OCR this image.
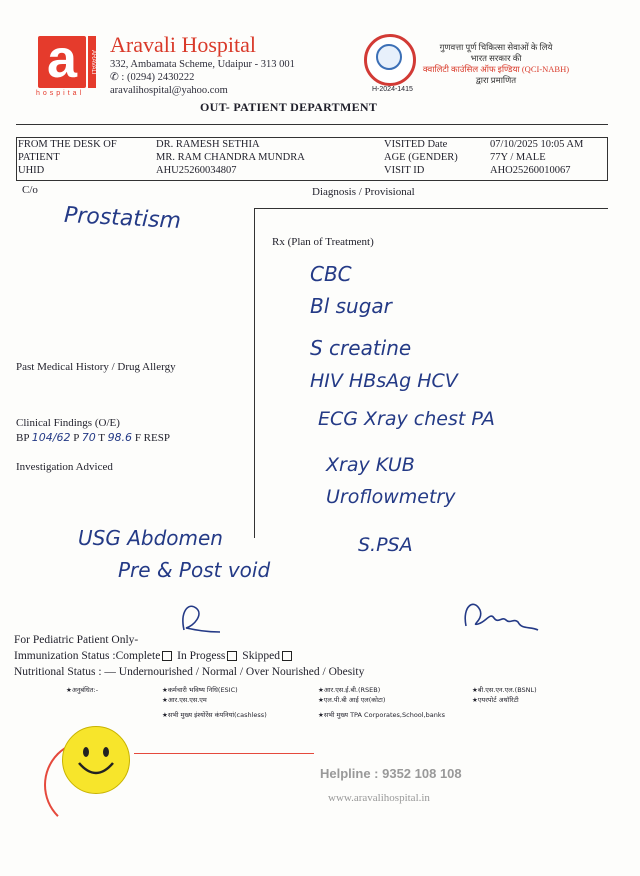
a	ARAVALI
hospital
Aravali Hospital
332, Ambamata Scheme, Udaipur - 313 001
✆ : (0294) 2430222
aravalihospital@yahoo.com
OUT- PATIENT DEPARTMENT
H-2024-1415
गुणवत्ता पूर्ण चिकित्सा सेवाओं के लिये
भारत सरकार की
क्वालिटी काउंसिल ऑफ इण्डिया (QCI-NABH)
द्वारा प्रमाणित
FROM THE DESK OF	DR. RAMESH SETHIA	VISITED Date	07/10/2025 10:05 AM
PATIENT	MR. RAM CHANDRA MUNDRA	AGE (GENDER)	77Y / MALE
UHID	AHU25260034807	VISIT ID	AHO25260010067
C/o
Prostatism
Past Medical History / Drug Allergy
Clinical Findings (O/E)
BP 104/62 P 70 T 98.6 F RESP
Investigation Adviced
USG Abdomen
Pre & Post void
Diagnosis / Provisional
Rx (Plan of Treatment)
CBC
Bl sugar
S creatine
HIV HBsAg HCV
ECG Xray chest PA
Xray KUB
Uroflowmetry
S.PSA
For Pediatric Patient Only-
Immunization Status :Complete In Progess Skipped
Nutritional Status : — Undernourished / Normal / Over Nourished / Obesity
★अनुबंधित:-	★कर्मचारी भविष्य निधि(ESIC)
★आर.एस.एस.एम
★आर.एस.ई.बी.(RSEB)
★एल.पी.बी आई एल(कोटा)
★बी.एस.एन.एल.(BSNL)
★एयरपोर्ट अथॉरिटी
★सभी मुख्य इंश्योरेंस कंपनियां(cashless)	★सभी मुख्य TPA Corporates,School,banks
Helpline : 9352 108 108
www.aravalihospital.in
